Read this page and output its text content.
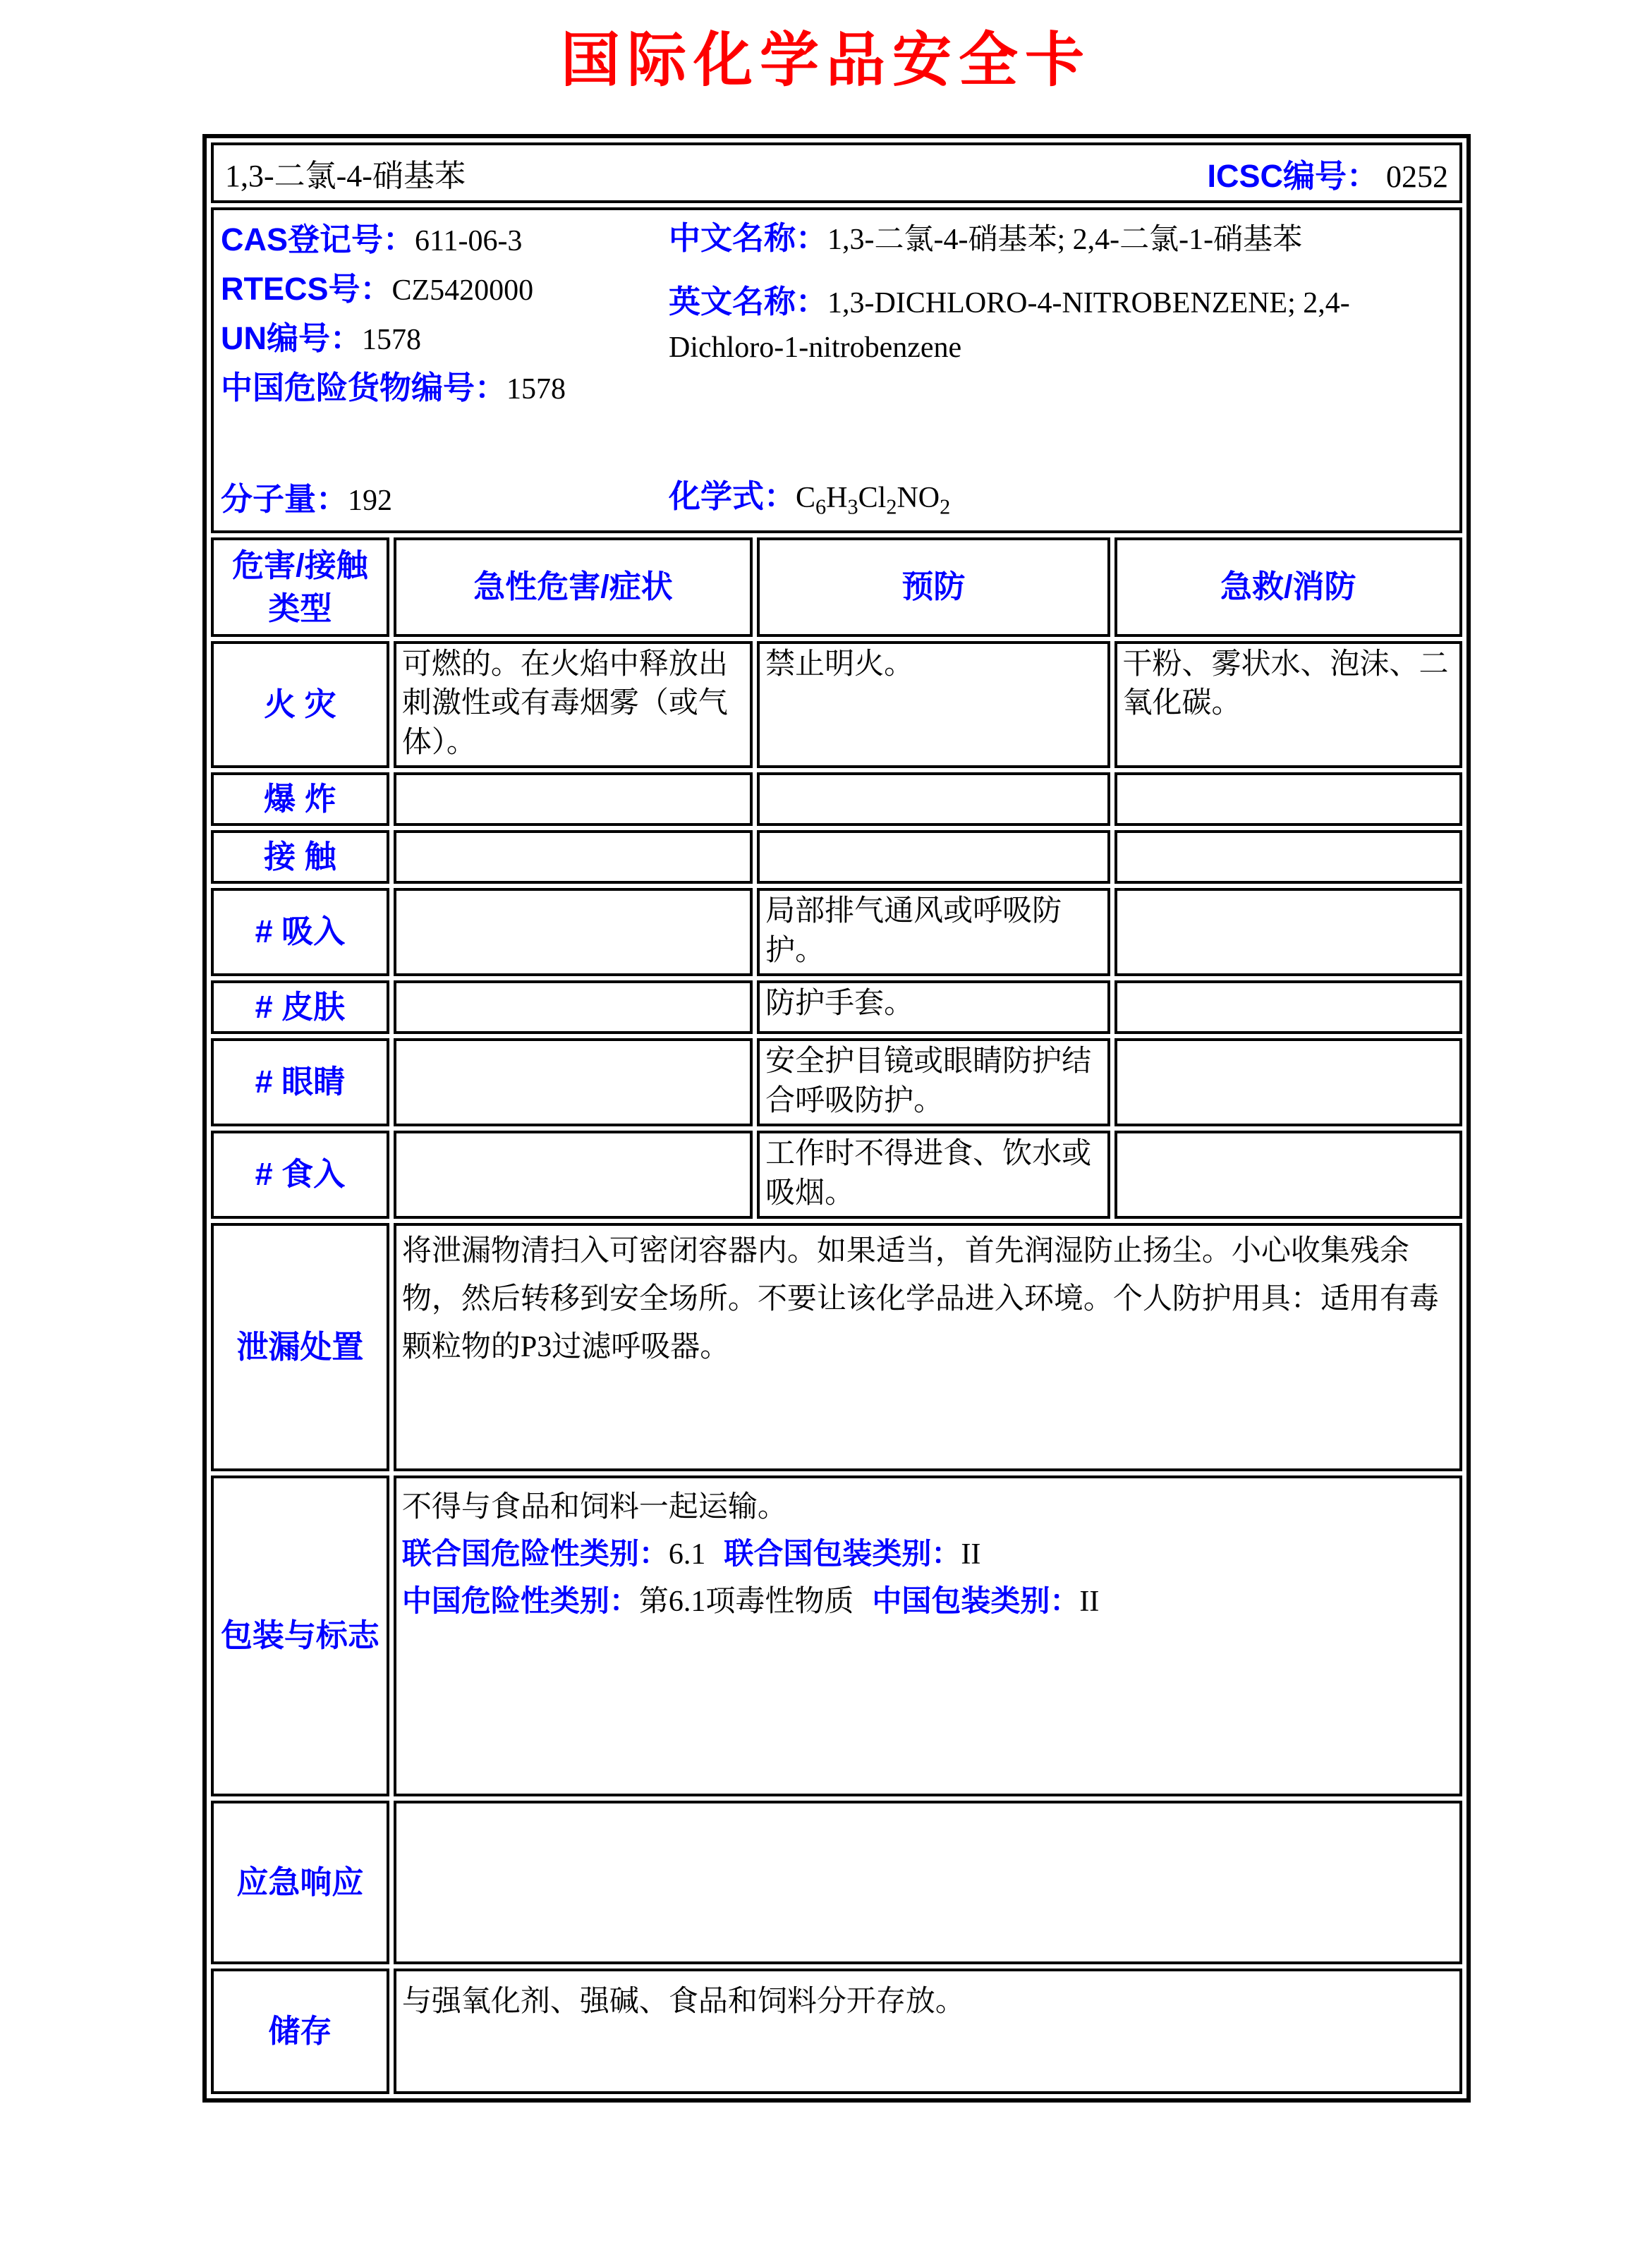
国际化学品安全卡
1,3-二氯-4-硝基苯 ICSC编号： 0252			

CAS登记号：611-06-3

RTECS号：CZ5420000

UN编号：1578

中国危险货物编号：1578

中文名称：1,3-二氯-4-硝基苯; 2,4-二氯-1-硝基苯

英文名称：1,3-DICHLORO-4-NITROBENZENE; 2,4-Dichloro-1-nitrobenzene

分子量：192	化学式：$C_6H_3Cl_2NO_2$

危害/接触
类型	急性危害/症状	预防	急救/消防
火 灾	可燃的。在火焰中释放出刺激性或有毒烟雾（或气体）。	禁止明火。	干粉、雾状水、泡沫、二氧化碳。
爆 炸			
接 触			
# 吸入		局部排气通风或呼吸防护。	
# 皮肤		防护手套。	
# 眼睛		安全护目镜或眼睛防护结合呼吸防护。	
# 食入		工作时不得进食、饮水或吸烟。	
泄漏处置	将泄漏物清扫入可密闭容器内。如果适当，首先润湿防止扬尘。小心收集残余物，然后转移到安全场所。不要让该化学品进入环境。个人防护用具：适用有毒颗粒物的P3过滤呼吸器。		
包装与标志	不得与食品和饲料一起运输。

联合国危险性类别：6.1 联合国包装类别：II

中国危险性类别：第6.1项毒性物质 中国包装类别：II		

应急响应			
储存	与强氧化剂、强碱、食品和饲料分开存放。		
